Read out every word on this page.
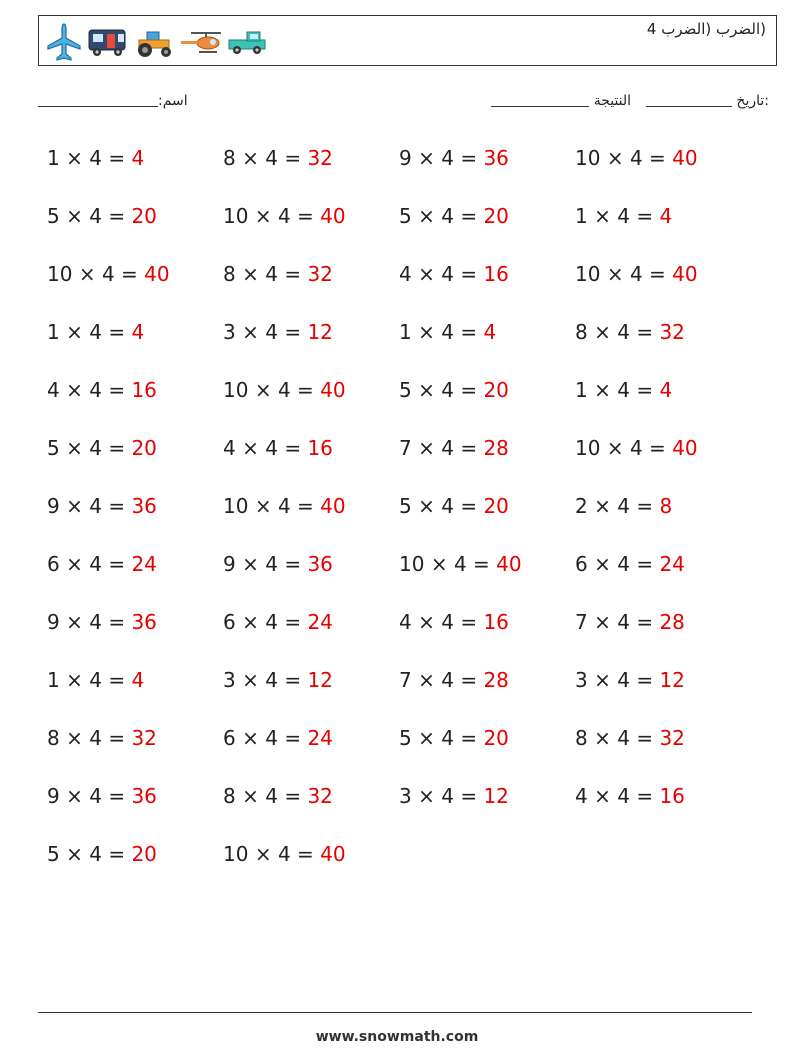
(الضرب (الضرب 4
:اسم	:تاريخ   النتيجة
1 × 4 = 4	8 × 4 = 32	9 × 4 = 36	10 × 4 = 40
5 × 4 = 20	10 × 4 = 40	5 × 4 = 20	1 × 4 = 4
10 × 4 = 40	8 × 4 = 32	4 × 4 = 16	10 × 4 = 40
1 × 4 = 4	3 × 4 = 12	1 × 4 = 4	8 × 4 = 32
4 × 4 = 16	10 × 4 = 40	5 × 4 = 20	1 × 4 = 4
5 × 4 = 20	4 × 4 = 16	7 × 4 = 28	10 × 4 = 40
9 × 4 = 36	10 × 4 = 40	5 × 4 = 20	2 × 4 = 8
6 × 4 = 24	9 × 4 = 36	10 × 4 = 40	6 × 4 = 24
9 × 4 = 36	6 × 4 = 24	4 × 4 = 16	7 × 4 = 28
1 × 4 = 4	3 × 4 = 12	7 × 4 = 28	3 × 4 = 12
8 × 4 = 32	6 × 4 = 24	5 × 4 = 20	8 × 4 = 32
9 × 4 = 36	8 × 4 = 32	3 × 4 = 12	4 × 4 = 16
5 × 4 = 20	10 × 4 = 40
www.snowmath.com
